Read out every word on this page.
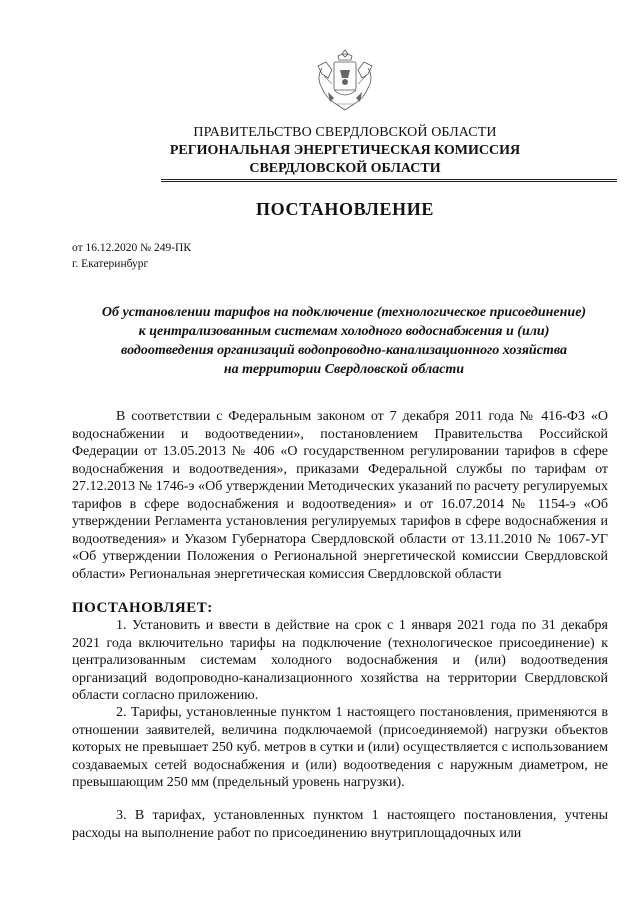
ПРАВИТЕЛЬСТВО СВЕРДЛОВСКОЙ ОБЛАСТИ
РЕГИОНАЛЬНАЯ ЭНЕРГЕТИЧЕСКАЯ КОМИССИЯ
СВЕРДЛОВСКОЙ ОБЛАСТИ
ПОСТАНОВЛЕНИЕ
от 16.12.2020 № 249-ПК
г. Екатеринбург
Об установлении тарифов на подключение (технологическое присоединение)
к централизованным системам холодного водоснабжения и (или)
водоотведения организаций водопроводно-канализационного хозяйства
на территории Свердловской области

В соответствии с Федеральным законом от 7 декабря 2011 года № 416-ФЗ «О водоснабжении и водоотведении», постановлением Правительства Российской Федерации от 13.05.2013 № 406 «О государственном регулировании тарифов в сфере водоснабжения и водоотведения», приказами Федеральной службы по тарифам от 27.12.2013 № 1746-э «Об утверждении Методических указаний по расчету регулируемых тарифов в сфере водоснабжения и водоотведения» и от 16.07.2014 № 1154-э «Об утверждении Регламента установления регулируемых тарифов в сфере водоснабжения и водоотведения» и Указом Губернатора Свердловской области от 13.11.2010 № 1067-УГ «Об утверждении Положения о Региональной энергетической комиссии Свердловской области» Региональная энергетическая комиссия Свердловской области

ПОСТАНОВЛЯЕТ:

1. Установить и ввести в действие на срок с 1 января 2021 года по 31 декабря 2021 года включительно тарифы на подключение (технологическое присоединение) к централизованным системам холодного водоснабжения и (или) водоотведения организаций водопроводно-канализационного хозяйства на территории Свердловской области согласно приложению.

2. Тарифы, установленные пунктом 1 настоящего постановления, применяются в отношении заявителей, величина подключаемой (присоединяемой) нагрузки объектов которых не превышает 250 куб. метров в сутки и (или) осуществляется с использованием создаваемых сетей водоснабжения и (или) водоотведения с наружным диаметром, не превышающим 250 мм (предельный уровень нагрузки).

3. В тарифах, установленных пунктом 1 настоящего постановления, учтены расходы на выполнение работ по присоединению внутриплощадочных или
